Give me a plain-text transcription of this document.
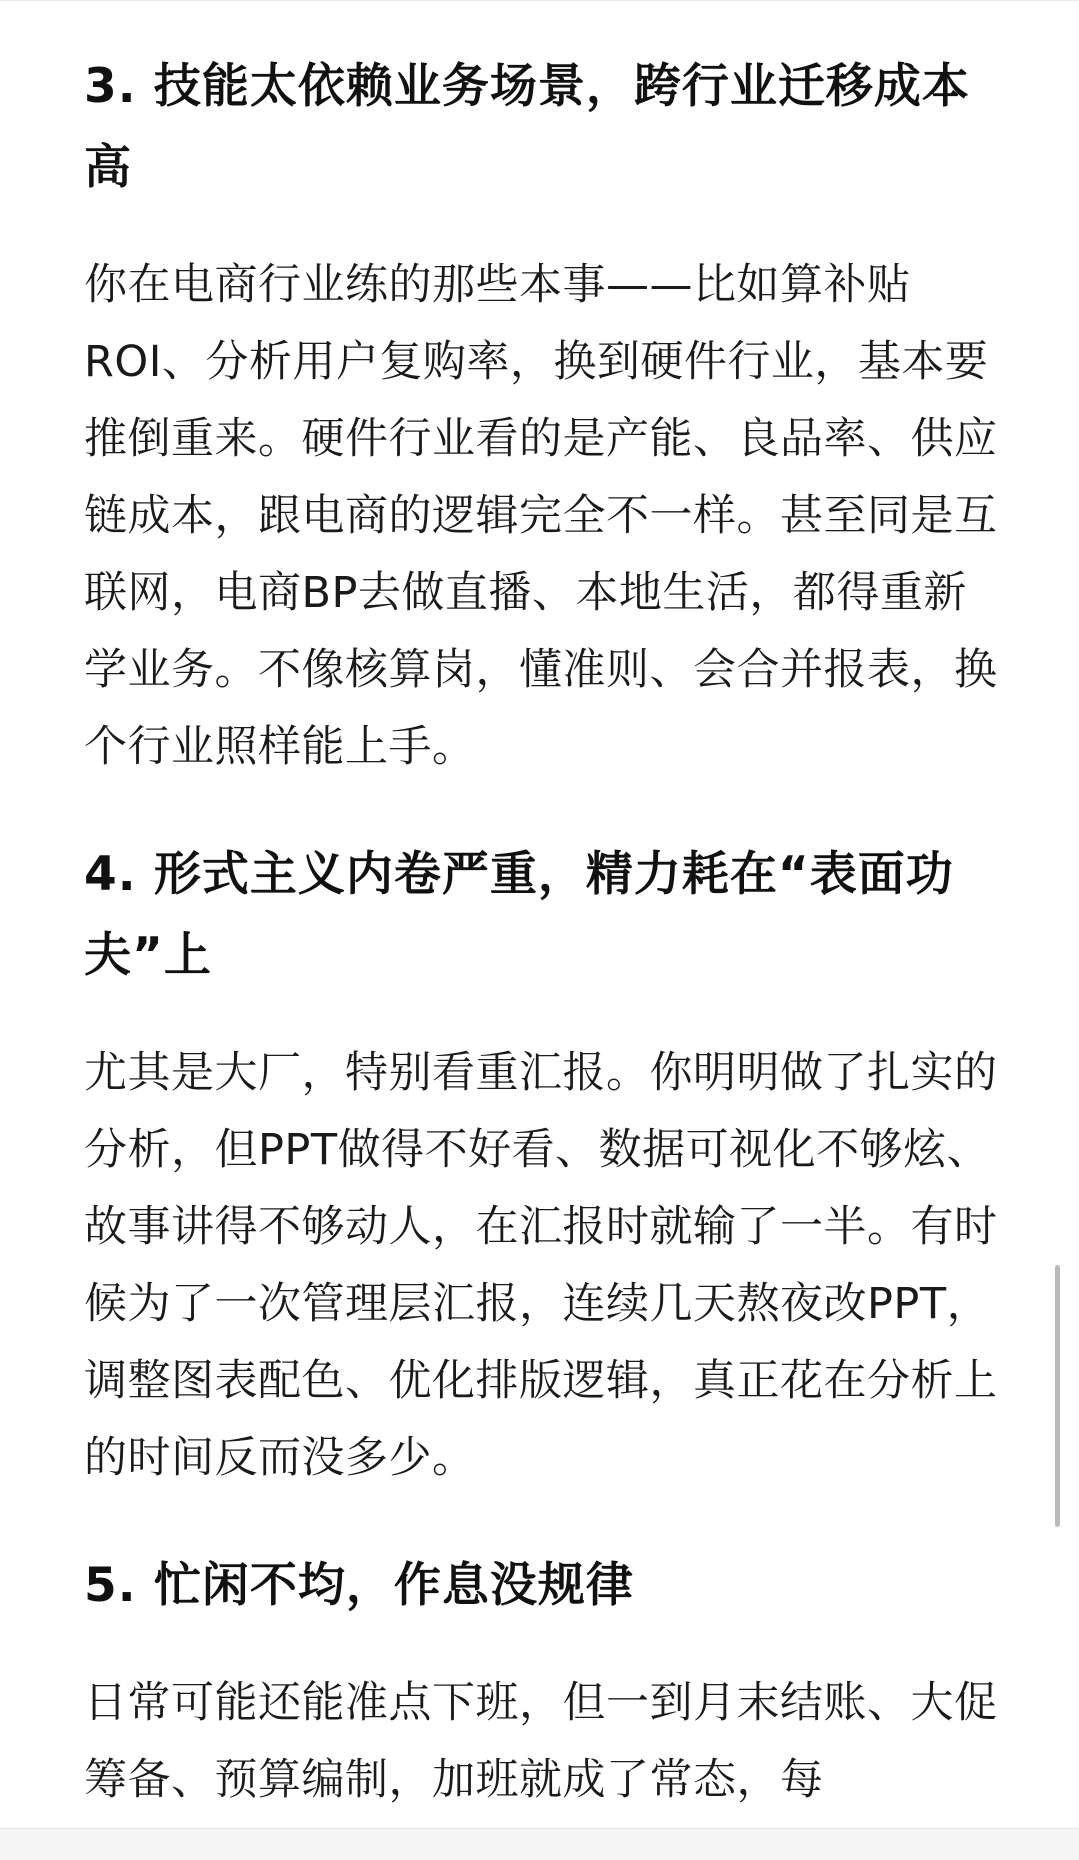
3. 技能太依赖业务场景，跨行业迁移成本高

你在电商行业练的那些本事——比如算补贴ROI、分析用户复购率，换到硬件行业，基本要推倒重来。硬件行业看的是产能、良品率、供应链成本，跟电商的逻辑完全不一样。甚至同是互联网，电商BP去做直播、本地生活，都得重新学业务。不像核算岗，懂准则、会合并报表，换个行业照样能上手。

4. 形式主义内卷严重，精力耗在“表面功夫”上

尤其是大厂，特别看重汇报。你明明做了扎实的分析，但PPT做得不好看、数据可视化不够炫、故事讲得不够动人，在汇报时就输了一半。有时候为了一次管理层汇报，连续几天熬夜改PPT，调整图表配色、优化排版逻辑，真正花在分析上的时间反而没多少。

5. 忙闲不均，作息没规律

日常可能还能准点下班，但一到月末结账、大促筹备、预算编制，加班就成了常态，每
